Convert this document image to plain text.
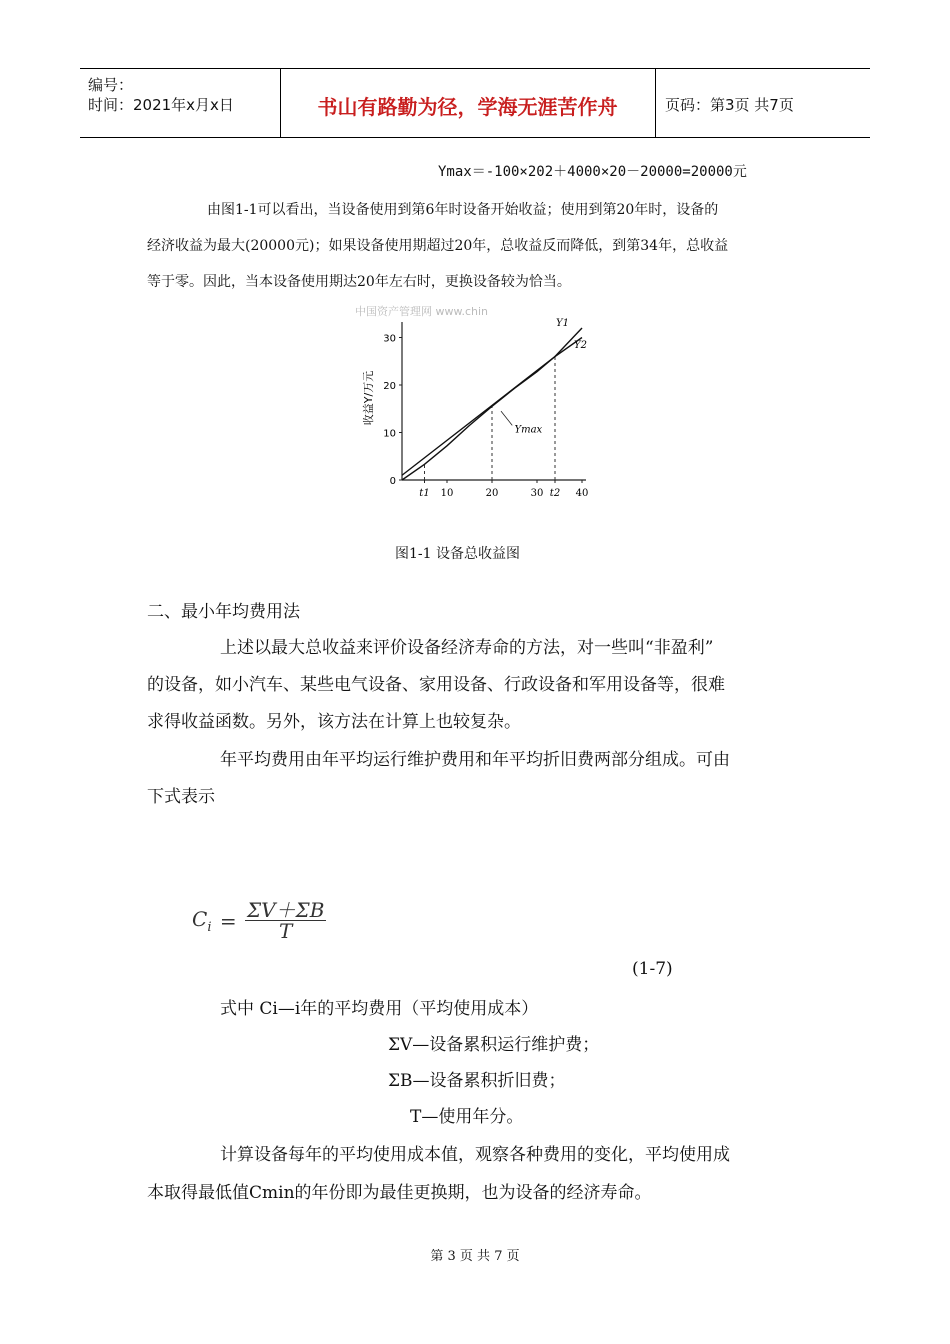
编号：
时间：2021年x月x日	书山有路勤为径，学海无涯苦作舟	页码：第3页 共7页
Ymax＝-100×202＋4000×20－20000=20000元
由图1-1可以看出，当设备使用到第6年时设备开始收益；使用到第20年时，设备的
经济收益为最大(20000元)；如果设备使用期超过20年，总收益反而降低，到第34年，总收益
等于零。因此，当本设备使用期达20年左右时，更换设备较为恰当。
中国资产管理网 www.chin
0
10
20
30
t1 10	20	30 t2 40
Y1
Y2
Ymax
收益Y/万元
图1-1 设备总收益图
二、最小年均费用法
上述以最大总收益来评价设备经济寿命的方法，对一些叫“非盈利”
的设备，如小汽车、某些电气设备、家用设备、行政设备和军用设备等，很难
求得收益函数。另外，该方法在计算上也较复杂。
年平均费用由年平均运行维护费用和年平均折旧费两部分组成。可由
下式表示
$C_i = \frac{\Sigma V+\Sigma B}{T}$
(1-7)
式中 Ci—i年的平均费用（平均使用成本）
ΣV—设备累积运行维护费；
ΣB—设备累积折旧费；
T—使用年分。
计算设备每年的平均使用成本值，观察各种费用的变化，平均使用成
本取得最低值Cmin的年份即为最佳更换期，也为设备的经济寿命。
第 3 页 共 7 页
